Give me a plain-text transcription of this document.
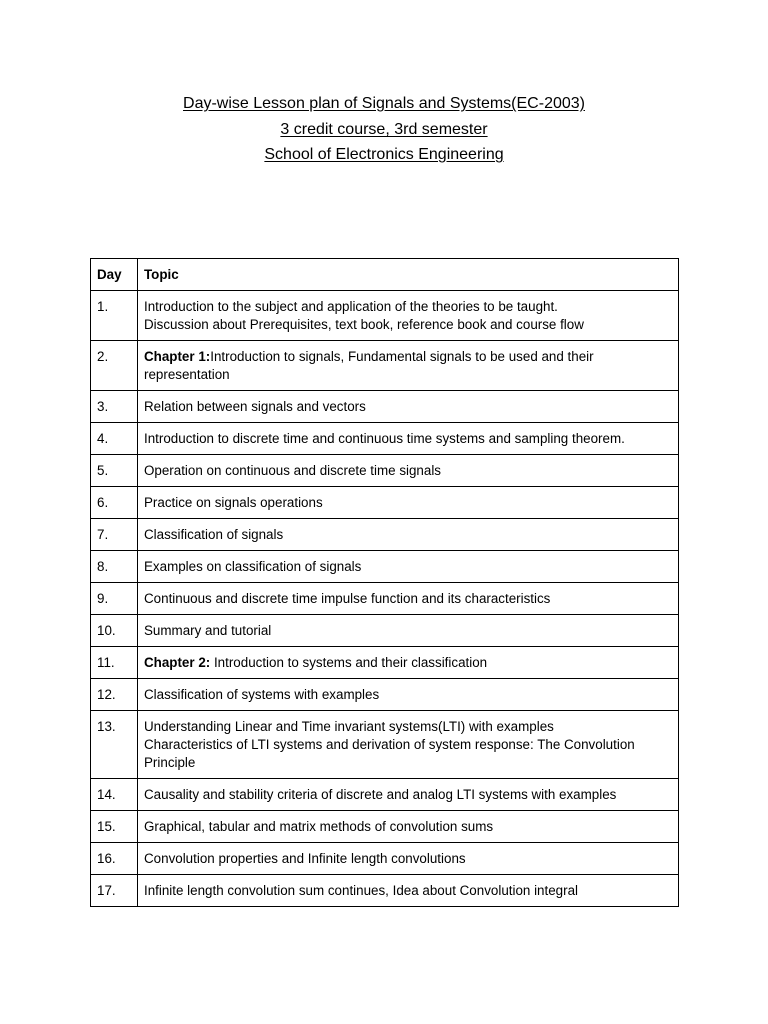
Day-wise Lesson plan of Signals and Systems(EC-2003)
3 credit course, 3rd semester
School of Electronics Engineering
Day	Topic
1.	Introduction to the subject and application of the theories to be taught.
Discussion about Prerequisites, text book, reference book and course flow

2.	Chapter 1:Introduction to signals, Fundamental signals to be used and their representation
3.	Relation between signals and vectors
4.	Introduction to discrete time and continuous time systems and sampling theorem.
5.	Operation on continuous and discrete time signals
6.	Practice on signals operations
7.	Classification of signals
8.	Examples on classification of signals
9.	Continuous and discrete time impulse function and its characteristics
10.	Summary and tutorial
11.	Chapter 2: Introduction to systems and their classification
12.	Classification of systems with examples
13.	Understanding Linear and Time invariant systems(LTI) with examples
Characteristics of LTI systems and derivation of system response: The Convolution Principle

14.	Causality and stability criteria of discrete and analog LTI systems with examples
15.	Graphical, tabular and matrix methods of convolution sums
16.	Convolution properties and Infinite length convolutions
17.	Infinite length convolution sum continues, Idea about Convolution integral
